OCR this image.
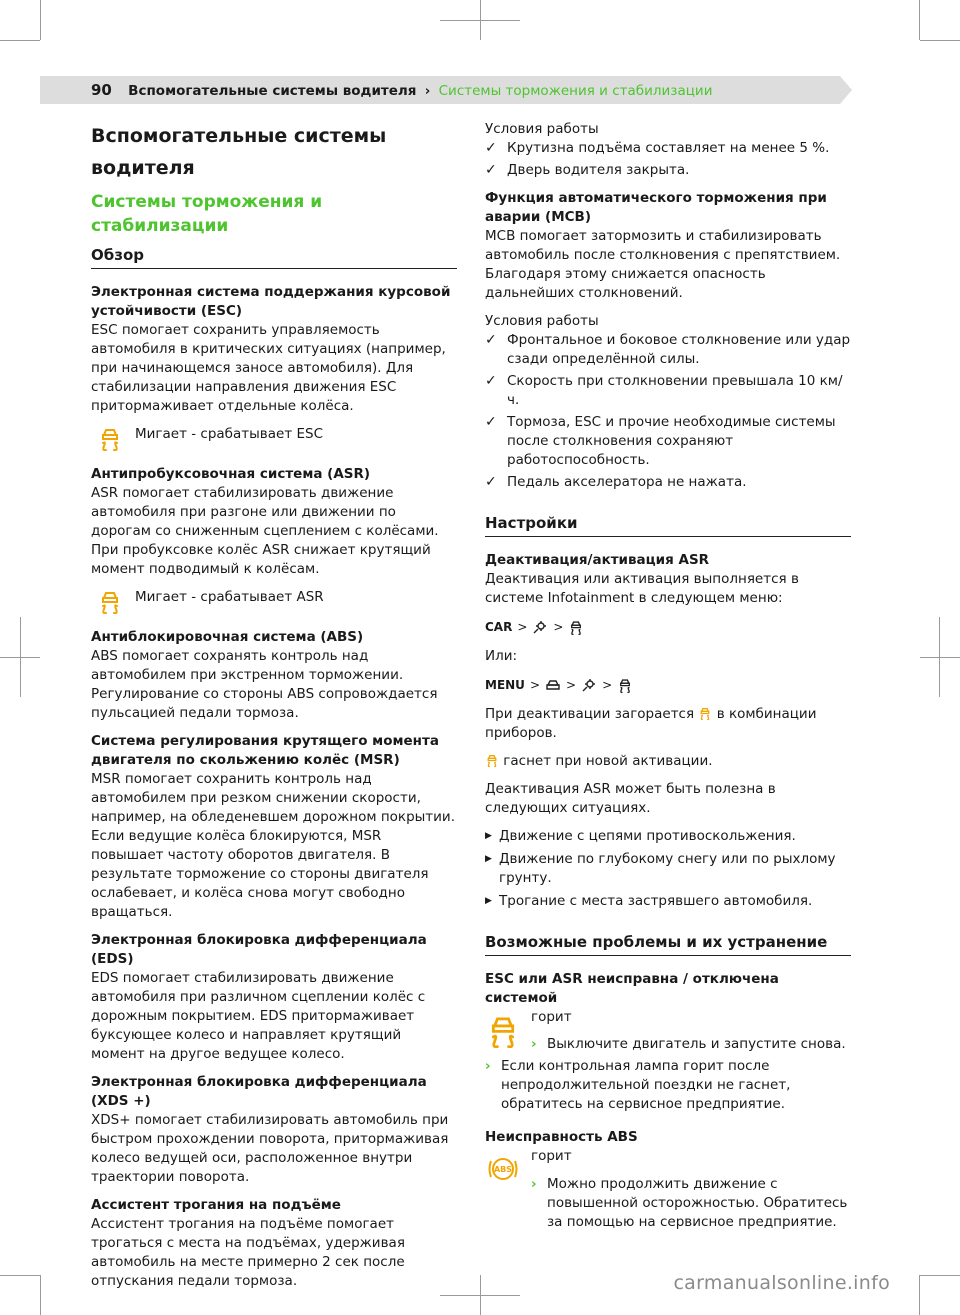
90 Вспомогательные системы водителя › Системы торможения и стабилизации
Вспомогательные системы
водителя
Системы торможения и стабилизации
Обзор
Электронная система поддержания курсовой устойчивости (ESC)
ESC помогает сохранить управляемость автомобиля в критических ситуациях (например, при начинающемся заносе автомобиля). Для стабилизации направления движения ESC притормаживает отдельные колёса.
Мигает - срабатывает ESC
Антипробуксовочная система (ASR)
ASR помогает стабилизировать движение автомобиля при разгоне или движении по дорогам со сниженным сцеплением с колёсами. При пробуксовке колёс ASR снижает крутящий момент подводимый к колёсам.
Мигает - срабатывает ASR
Антиблокировочная система (ABS)
ABS помогает сохранять контроль над автомобилем при экстренном торможении. Регулирование со стороны ABS сопровождается пульсацией педали тормоза.
Система регулирования крутящего момента двигателя по скольжению колёс (MSR)
MSR помогает сохранить контроль над автомобилем при резком снижении скорости, например, на обледеневшем дорожном покрытии. Если ведущие колёса блокируются, MSR повышает частоту оборотов двигателя. В результате торможение со стороны двигателя ослабевает, и колёса снова могут свободно вращаться.
Электронная блокировка дифференциала (EDS)
EDS помогает стабилизировать движение автомобиля при различном сцеплении колёс с дорожным покрытием. EDS притормаживает буксующее колесо и направляет крутящий момент на другое ведущее колесо.
Электронная блокировка дифференциала (XDS +)
XDS+ помогает стабилизировать автомобиль при быстром прохождении поворота, притормаживая колесо ведущей оси, расположенное внутри траектории поворота.
Ассистент трогания на подъёме
Ассистент трогания на подъёме помогает трогаться с места на подъёмах, удерживая автомобиль на месте примерно 2 сек после отпускания педали тормоза.
Условия работы
✓ Крутизна подъёма составляет на менее 5 %.
✓ Дверь водителя закрыта.
Функция автоматического торможения при аварии (MCB)
MCB помогает затормозить и стабилизировать автомобиль после столкновения с препятствием. Благодаря этому снижается опасность дальнейших столкновений.
Условия работы
✓ Фронтальное и боковое столкновение или удар сзади определённой силы.
✓ Скорость при столкновении превышала 10 км/ч.
✓ Тормоза, ESC и прочие необходимые системы после столкновения сохраняют работоспособность.
✓ Педаль акселератора не нажата.
Настройки
Деактивация/активация ASR
Деактивация или активация выполняется в системе Infotainment в следующем меню:
CAR > >
Или:
MENU > > >
При деактивации загорается в комбинации приборов.
гаснет при новой активации.
Деактивация ASR может быть полезна в следующих ситуациях.
▶ Движение с цепями противоскольжения.
▶ Движение по глубокому снегу или по рыхлому грунту.
▶ Трогание с места застрявшего автомобиля.
Возможные проблемы и их устранение
ESC или ASR неисправна / отключена системой
горит
› Выключите двигатель и запустите снова.
› Если контрольная лампа горит после непродолжительной поездки не гаснет, обратитесь на сервисное предприятие.
Неисправность ABS
ABS
горит
› Можно продолжить движение с повышенной осторожностью. Обратитесь за помощью на сервисное предприятие.
carmanualsonline.info
